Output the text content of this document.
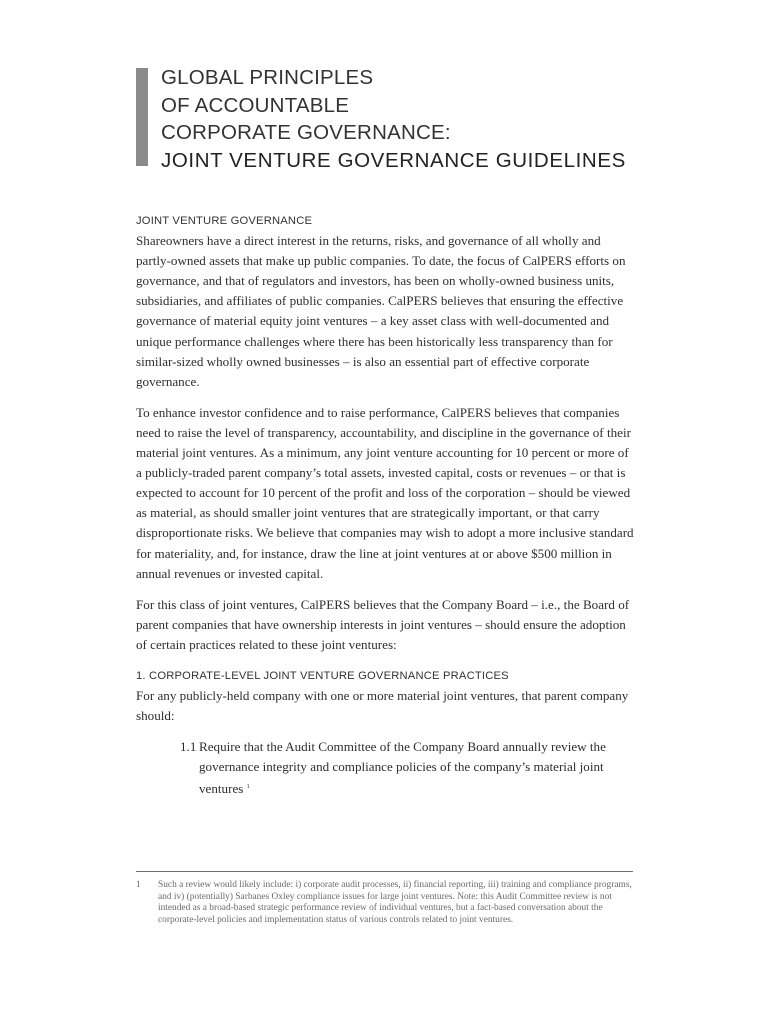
GLOBAL PRINCIPLES
OF ACCOUNTABLE
CORPORATE GOVERNANCE:
JOINT VENTURE GOVERNANCE GUIDELINES
JOINT VENTURE GOVERNANCE

Shareowners have a direct interest in the returns, risks, and governance of all wholly and partly-owned assets that make up public companies. To date, the focus of CalPERS efforts on governance, and that of regulators and investors, has been on wholly-owned business units, subsidiaries, and affiliates of public companies. CalPERS believes that ensuring the effective governance of material equity joint ventures – a key asset class with well-documented and unique performance challenges where there has been historically less transparency than for similar-sized wholly owned businesses – is also an essential part of effective corporate governance.

To enhance investor confidence and to raise performance, CalPERS believes that companies need to raise the level of transparency, accountability, and discipline in the governance of their material joint ventures. As a minimum, any joint venture accounting for 10 percent or more of a publicly-traded parent company’s total assets, invested capital, costs or revenues – or that is expected to account for 10 percent of the profit and loss of the corporation – should be viewed as material, as should smaller joint ventures that are strategically important, or that carry disproportionate risks. We believe that companies may wish to adopt a more inclusive standard for materiality, and, for instance, draw the line at joint ventures at or above $500 million in annual revenues or invested capital.

For this class of joint ventures, CalPERS believes that the Company Board – i.e., the Board of parent companies that have ownership interests in joint ventures – should ensure the adoption of certain practices related to these joint ventures:

1. CORPORATE-LEVEL JOINT VENTURE GOVERNANCE PRACTICES

For any publicly-held company with one or more material joint ventures, that parent company should:

1.1 Require that the Audit Committee of the Company Board annually review the governance integrity and compliance policies of the company’s material joint ventures $^1$
1	Such a review would likely include: i) corporate audit processes, ii) financial reporting, iii) training and compliance programs, and iv) (potentially) Sarbanes Oxley compliance issues for large joint ventures. Note: this Audit Committee review is not intended as a broad-based strategic performance review of individual ventures, but a fact-based conversation about the corporate-level policies and implementation status of various controls related to joint ventures.
